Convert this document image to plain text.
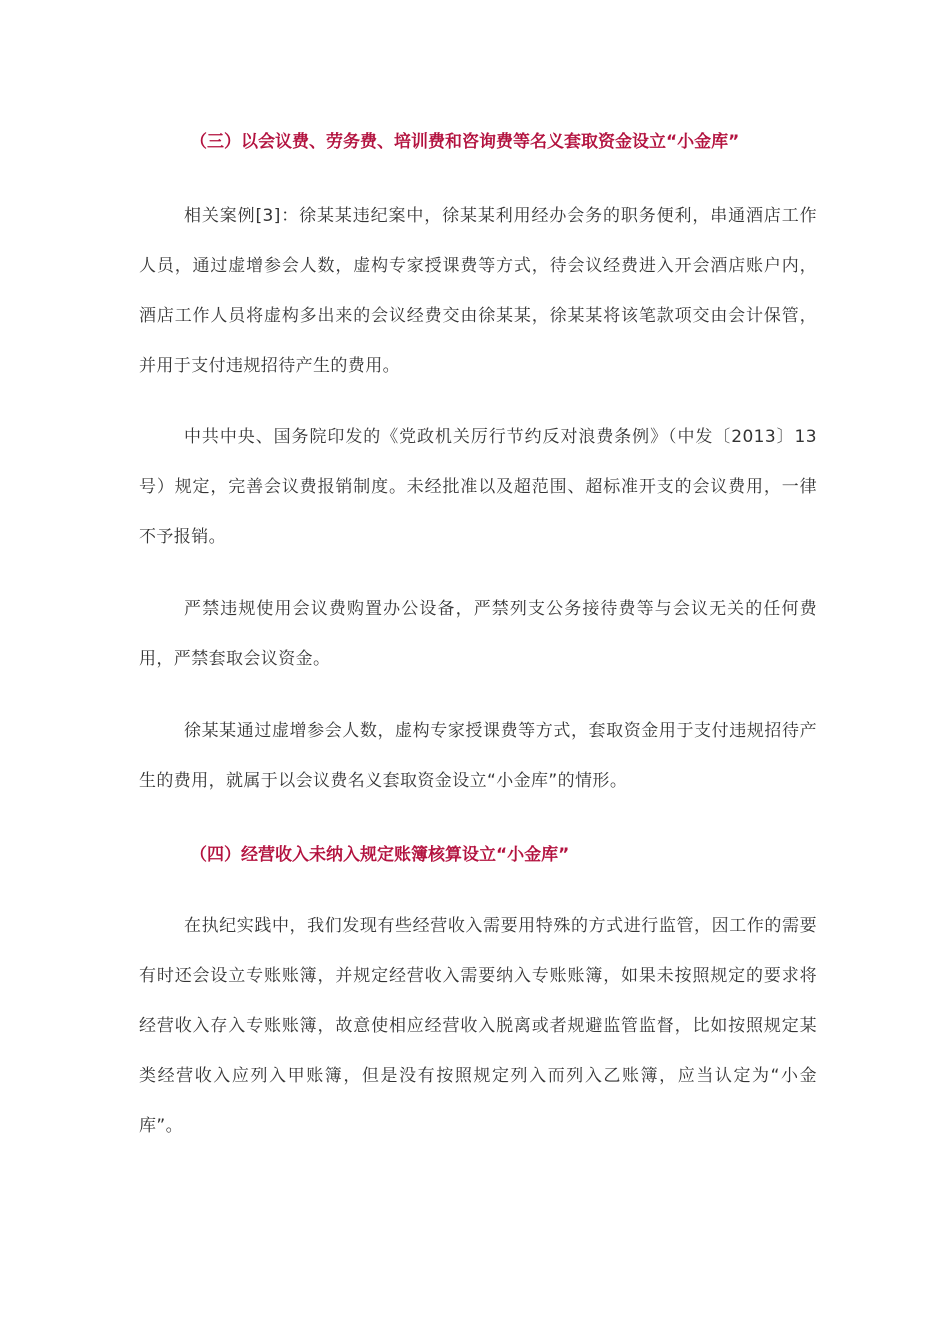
（三）以会议费、劳务费、培训费和咨询费等名义套取资金设立“小金库”

相关案例[3]：徐某某违纪案中，徐某某利用经办会务的职务便利，串通酒店工作人员，通过虚增参会人数，虚构专家授课费等方式，待会议经费进入开会酒店账户内，酒店工作人员将虚构多出来的会议经费交由徐某某，徐某某将该笔款项交由会计保管，并用于支付违规招待产生的费用。

中共中央、国务院印发的《党政机关厉行节约反对浪费条例》（中发〔2013〕13号）规定，完善会议费报销制度。未经批准以及超范围、超标准开支的会议费用，一律不予报销。

严禁违规使用会议费购置办公设备，严禁列支公务接待费等与会议无关的任何费用，严禁套取会议资金。

徐某某通过虚增参会人数，虚构专家授课费等方式，套取资金用于支付违规招待产生的费用，就属于以会议费名义套取资金设立“小金库”的情形。

（四）经营收入未纳入规定账簿核算设立“小金库”

在执纪实践中，我们发现有些经营收入需要用特殊的方式进行监管，因工作的需要有时还会设立专账账簿，并规定经营收入需要纳入专账账簿，如果未按照规定的要求将经营收入存入专账账簿，故意使相应经营收入脱离或者规避监管监督，比如按照规定某类经营收入应列入甲账簿，但是没有按照规定列入而列入乙账簿，应当认定为“小金库”。
